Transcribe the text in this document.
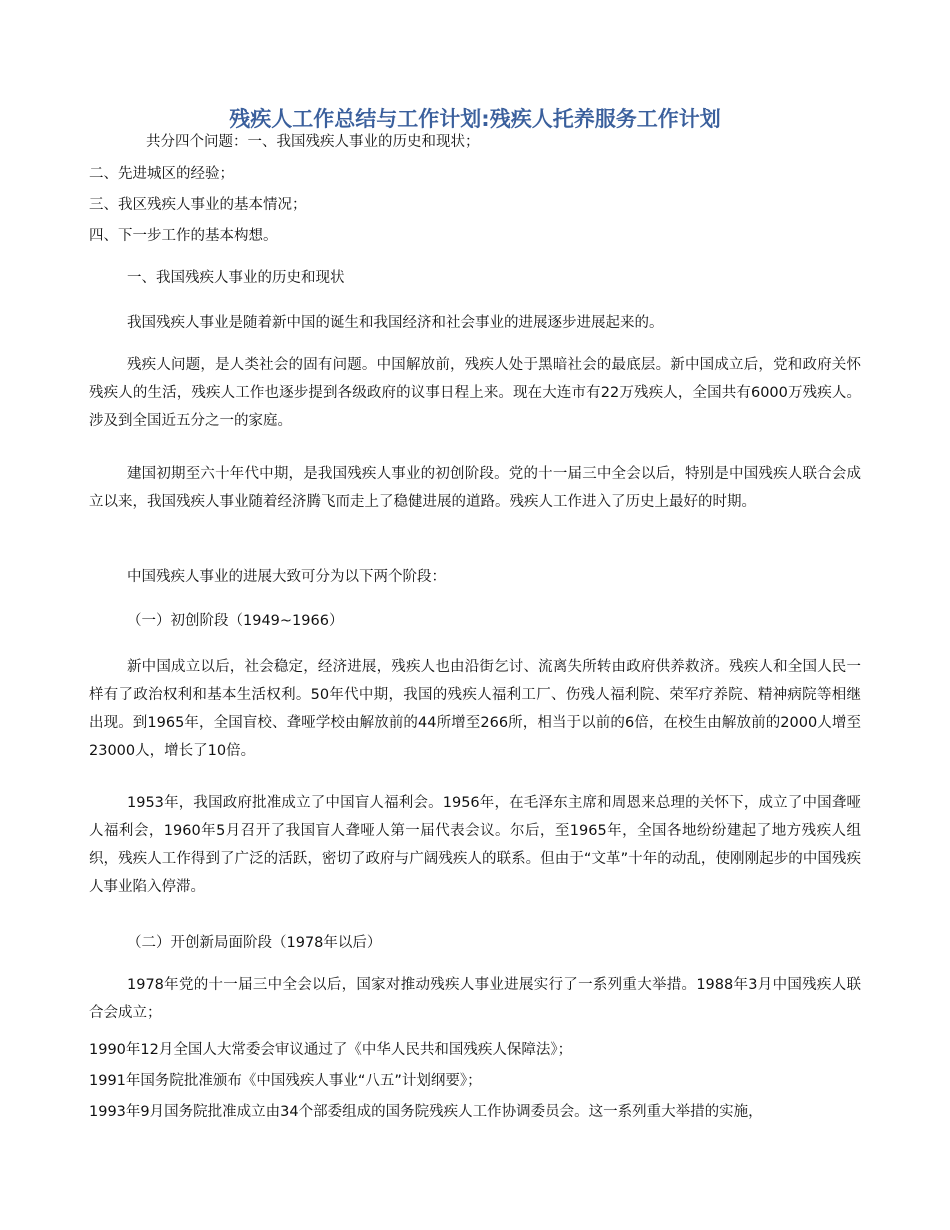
残疾人工作总结与工作计划:残疾人托养服务工作计划
共分四个问题：一、我国残疾人事业的历史和现状；
二、先进城区的经验；
三、我区残疾人事业的基本情况；
四、下一步工作的基本构想。
一、我国残疾人事业的历史和现状
我国残疾人事业是随着新中国的诞生和我国经济和社会事业的进展逐步进展起来的。

残疾人问题，是人类社会的固有问题。中国解放前，残疾人处于黑暗社会的最底层。新中国成立后，党和政府关怀残疾人的生活，残疾人工作也逐步提到各级政府的议事日程上来。现在大连市有22万残疾人，全国共有6000万残疾人。涉及到全国近五分之一的家庭。

建国初期至六十年代中期，是我国残疾人事业的初创阶段。党的十一届三中全会以后，特别是中国残疾人联合会成立以来，我国残疾人事业随着经济腾飞而走上了稳健进展的道路。残疾人工作进入了历史上最好的时期。

中国残疾人事业的进展大致可分为以下两个阶段：
（一）初创阶段（1949~1966）

新中国成立以后，社会稳定，经济进展，残疾人也由沿街乞讨、流离失所转由政府供养救济。残疾人和全国人民一样有了政治权利和基本生活权利。50年代中期，我国的残疾人福利工厂、伤残人福利院、荣军疗养院、精神病院等相继出现。到1965年，全国盲校、聋哑学校由解放前的44所增至266所，相当于以前的6倍，在校生由解放前的2000人增至23000人，增长了10倍。

1953年，我国政府批准成立了中国盲人福利会。1956年，在毛泽东主席和周恩来总理的关怀下，成立了中国聋哑人福利会，1960年5月召开了我国盲人聋哑人第一届代表会议。尔后，至1965年，全国各地纷纷建起了地方残疾人组织，残疾人工作得到了广泛的活跃，密切了政府与广阔残疾人的联系。但由于“文革”十年的动乱，使刚刚起步的中国残疾人事业陷入停滞。

（二）开创新局面阶段（1978年以后）

1978年党的十一届三中全会以后，国家对推动残疾人事业进展实行了一系列重大举措。1988年3月中国残疾人联合会成立；

1990年12月全国人大常委会审议通过了《中华人民共和国残疾人保障法》；
1991年国务院批准颁布《中国残疾人事业“八五”计划纲要》；
1993年9月国务院批准成立由34个部委组成的国务院残疾人工作协调委员会。这一系列重大举措的实施，
